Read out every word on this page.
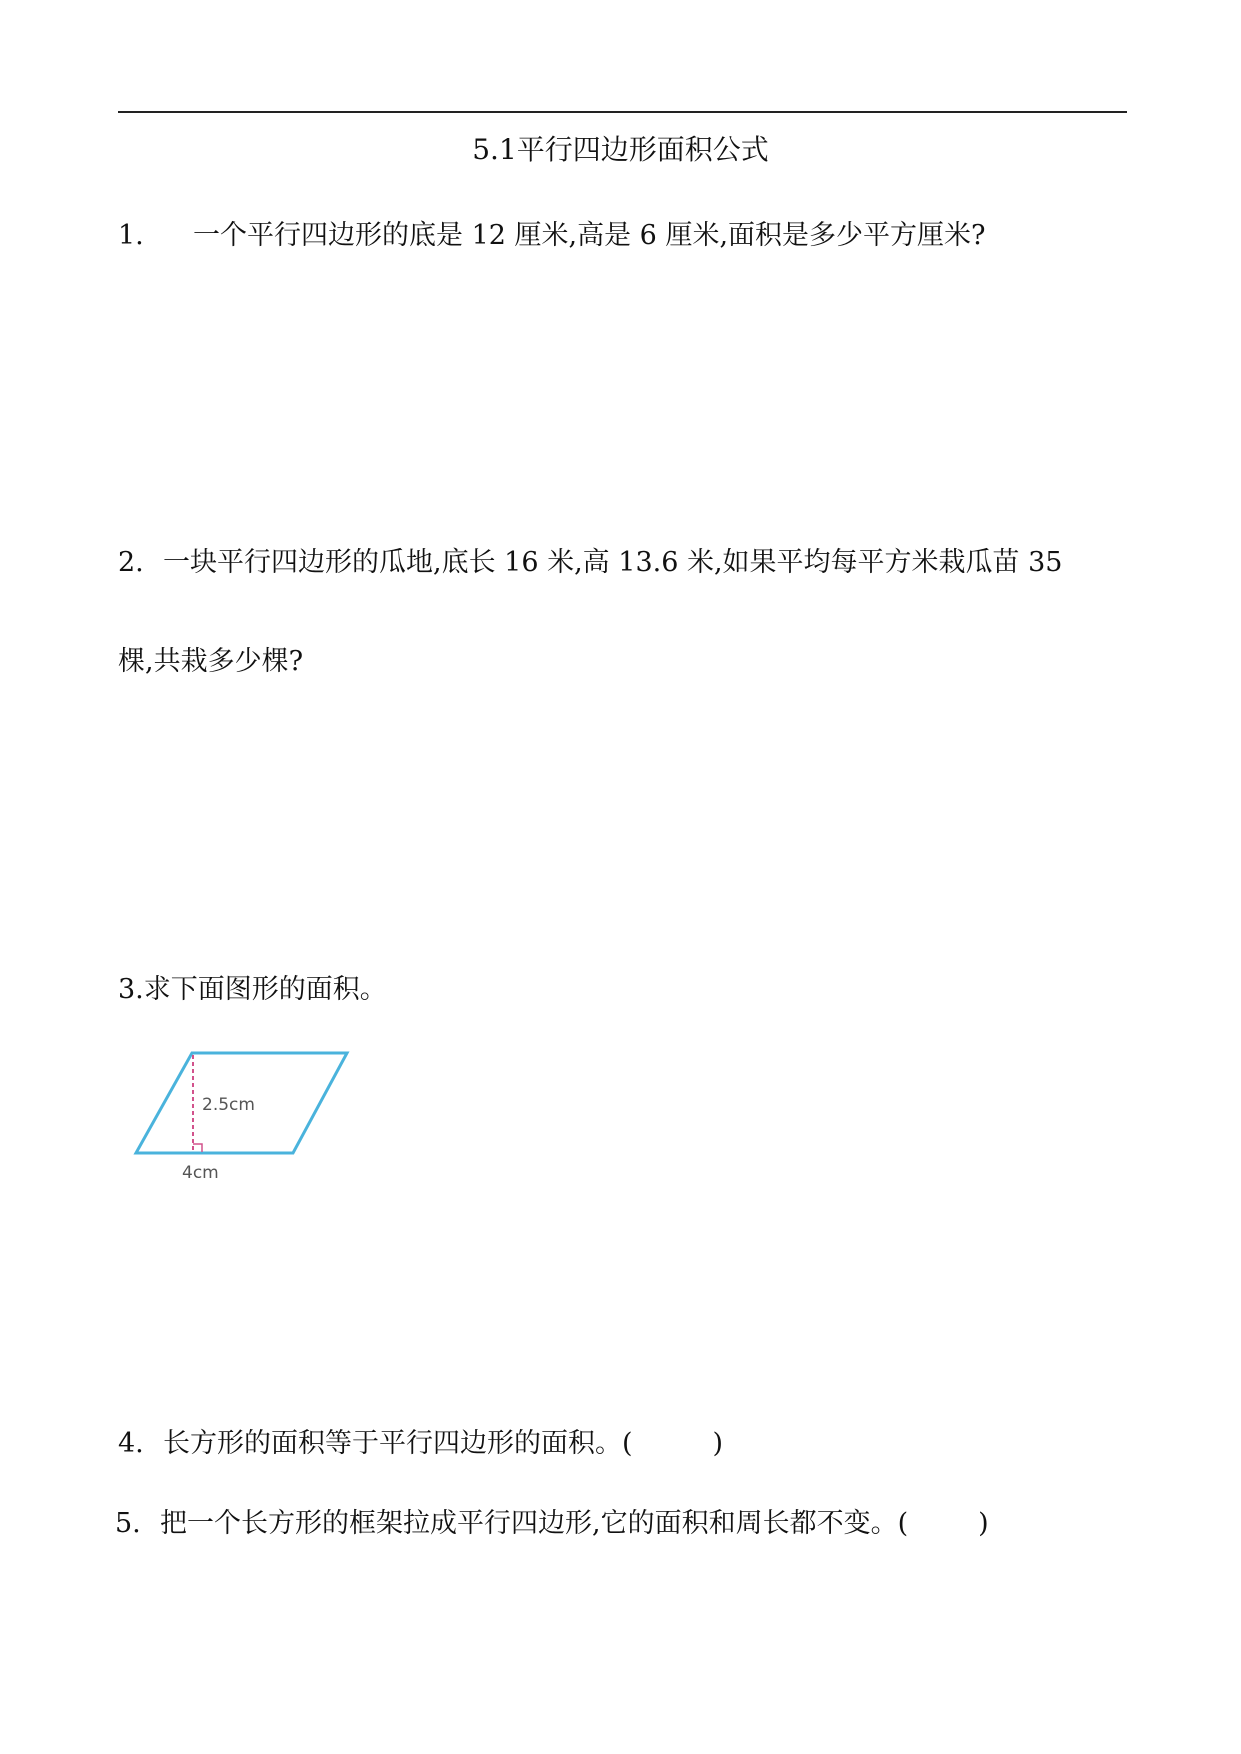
5.1平行四边形面积公式
1. 一个平行四边形的底是 12 厘米,高是 6 厘米,面积是多少平方厘米?
2. 一块平行四边形的瓜地,底长 16 米,高 13.6 米,如果平均每平方米栽瓜苗 35
棵,共栽多少棵?
3.求下面图形的面积。
2.5cm
4cm
4. 长方形的面积等于平行四边形的面积。(	)
5. 把一个长方形的框架拉成平行四边形,它的面积和周长都不变。(	)
